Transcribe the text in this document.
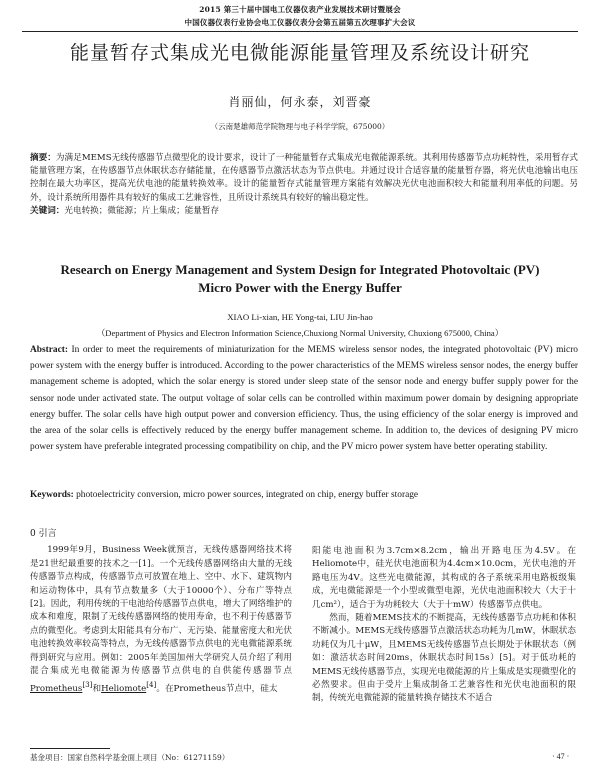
2015 第三十届中国电工仪器仪表产业发展技术研讨暨展会
中国仪器仪表行业协会电工仪器仪表分会第五届第五次理事扩大会议
能量暂存式集成光电微能源能量管理及系统设计研究
肖丽仙，何永泰，刘晋豪
（云南楚雄师范学院物理与电子科学学院，675000）
摘要：为满足MEMS无线传感器节点微型化的设计要求，设计了一种能量暂存式集成光电微能源系统。其利用传感器节点功耗特性，采用暂存式能量管理方案，在传感器节点休眠状态存储能量，在传感器节点激活状态为节点供电。并通过设计合适容量的能量暂存器，将光伏电池输出电压控制在最大功率区，提高光伏电池的能量转换效率。设计的能量暂存式能量管理方案能有效解决光伏电池面积较大和能量利用率低的问题。另外，设计系统所用器件具有较好的集成工艺兼容性，且所设计系统具有较好的输出稳定性。
关键词：光电转换；微能源；片上集成；能量暂存
Research on Energy Management and System Design for Integrated Photovoltaic (PV)
Micro Power with the Energy Buffer
XIAO Li-xian, HE Yong-tai, LIU Jin-hao
（Department of Physics and Electron Information Science,Chuxiong Normal University, Chuxiong 675000, China）
Abstract: In order to meet the requirements of miniaturization for the MEMS wireless sensor nodes, the integrated photovoltaic (PV) micro power system with the energy buffer is introduced. According to the power characteristics of the MEMS wireless sensor nodes, the energy buffer management scheme is adopted, which the solar energy is stored under sleep state of the sensor node and energy buffer supply power for the sensor node under activated state. The output voltage of solar cells can be controlled within maximum power domain by designing appropriate energy buffer. The solar cells have high output power and conversion efficiency. Thus, the using efficiency of the solar energy is improved and the area of the solar cells is effectively reduced by the energy buffer management scheme. In addition to, the devices of designing PV micro power system have preferable integrated processing compatibility on chip, and the PV micro power system have better operating stability.
Keywords: photoelectricity conversion, micro power sources, integrated on chip, energy buffer storage
0 引言

1999年9月，Business Week就预言，无线传感器网络技术将是21世纪最重要的技术之一[1]。一个无线传感器网络由大量的无线传感器节点构成，传感器节点可放置在地上、空中、水下、建筑物内和运动物体中，具有节点数量多（大于10000个）、分布广等特点[2]。因此，利用传统的干电池给传感器节点供电，增大了网络维护的成本和难度，限制了无线传感器网络的使用寿命，也不利于传感器节点的微型化。考虑到太阳能具有分布广、无污染、能量密度大和光伏电池转换效率较高等特点，为无线传感器节点供电的光电微能源系统得到研究与应用。例如：2005年美国加州大学研究人员介绍了利用混合集成光电微能源为传感器节点供电的自供能传感器节点Prometheus[3]和Heliomote[4]。在Prometheus节点中，硅太

阳能电池面积为3.7cm×8.2cm，输出开路电压为4.5V。在Heliomote中，硅光伏电池面积为4.4cm×10.0cm，光伏电池的开路电压为4V。这些光电微能源，其构成的各子系统采用电路板级集成，光电微能源是一个小型或微型电源，光伏电池面积较大（大于十几cm²），适合于为功耗较大（大于十mW）传感器节点供电。

然而，随着MEMS技术的不断提高，无线传感器节点功耗和体积不断减小。MEMS无线传感器节点激活状态功耗为几mW，休眠状态功耗仅为几十μW，且MEMS无线传感器节点长期处于休眠状态（例如：激活状态时间20ms，休眠状态时间15s）[5]。对于低功耗的MEMS无线传感器节点，实现光电微能源的片上集成是实现微型化的必然要求。但由于受片上集成制备工艺兼容性和光伏电池面积的限制，传统光电微能源的能量转换存储技术不适合

基金项目：国家自然科学基金面上项目（No：61271159）	· 47 ·
